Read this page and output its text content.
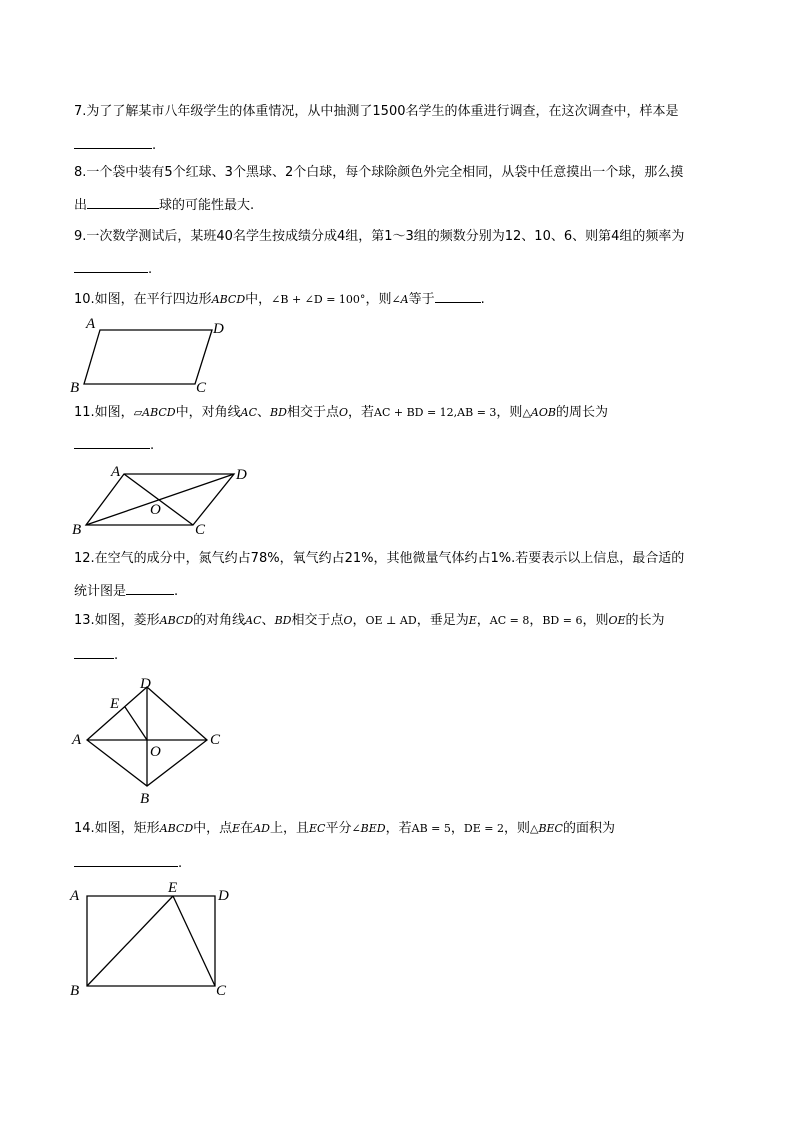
7.为了了解某市八年级学生的体重情况，从中抽测了1500名学生的体重进行调查，在这次调查中，样本是
.
8.一个袋中装有5个红球、3个黑球、2个白球，每个球除颜色外完全相同，从袋中任意摸出一个球，那么摸
出	球的可能性最大.
9.一次数学测试后，某班40名学生按成绩分成4组，第1～3组的频数分别为12、10、6、则第4组的频率为
.
10.如图，在平行四边形ABCD中，∠B + ∠D = 100°，则∠A等于	.
A	D
B	C
11.如图，▱ABCD中，对角线AC、BD相交于点O，若AC + BD = 12,AB = 3，则△AOB的周长为
.
A	D
B	C
O
12.在空气的成分中，氮气约占78%，氧气约占21%，其他微量气体约占1%.若要表示以上信息，最合适的
统计图是	.
13.如图，菱形ABCD的对角线AC、BD相交于点O，OE ⊥ AD，垂足为E，AC = 8，BD = 6，则OE的长为
.
A
D
C
B
E
O
14.如图，矩形ABCD中，点E在AD上，且EC平分∠BED，若AB = 5，DE = 2，则△BEC的面积为
.
A	E	D
B	C
